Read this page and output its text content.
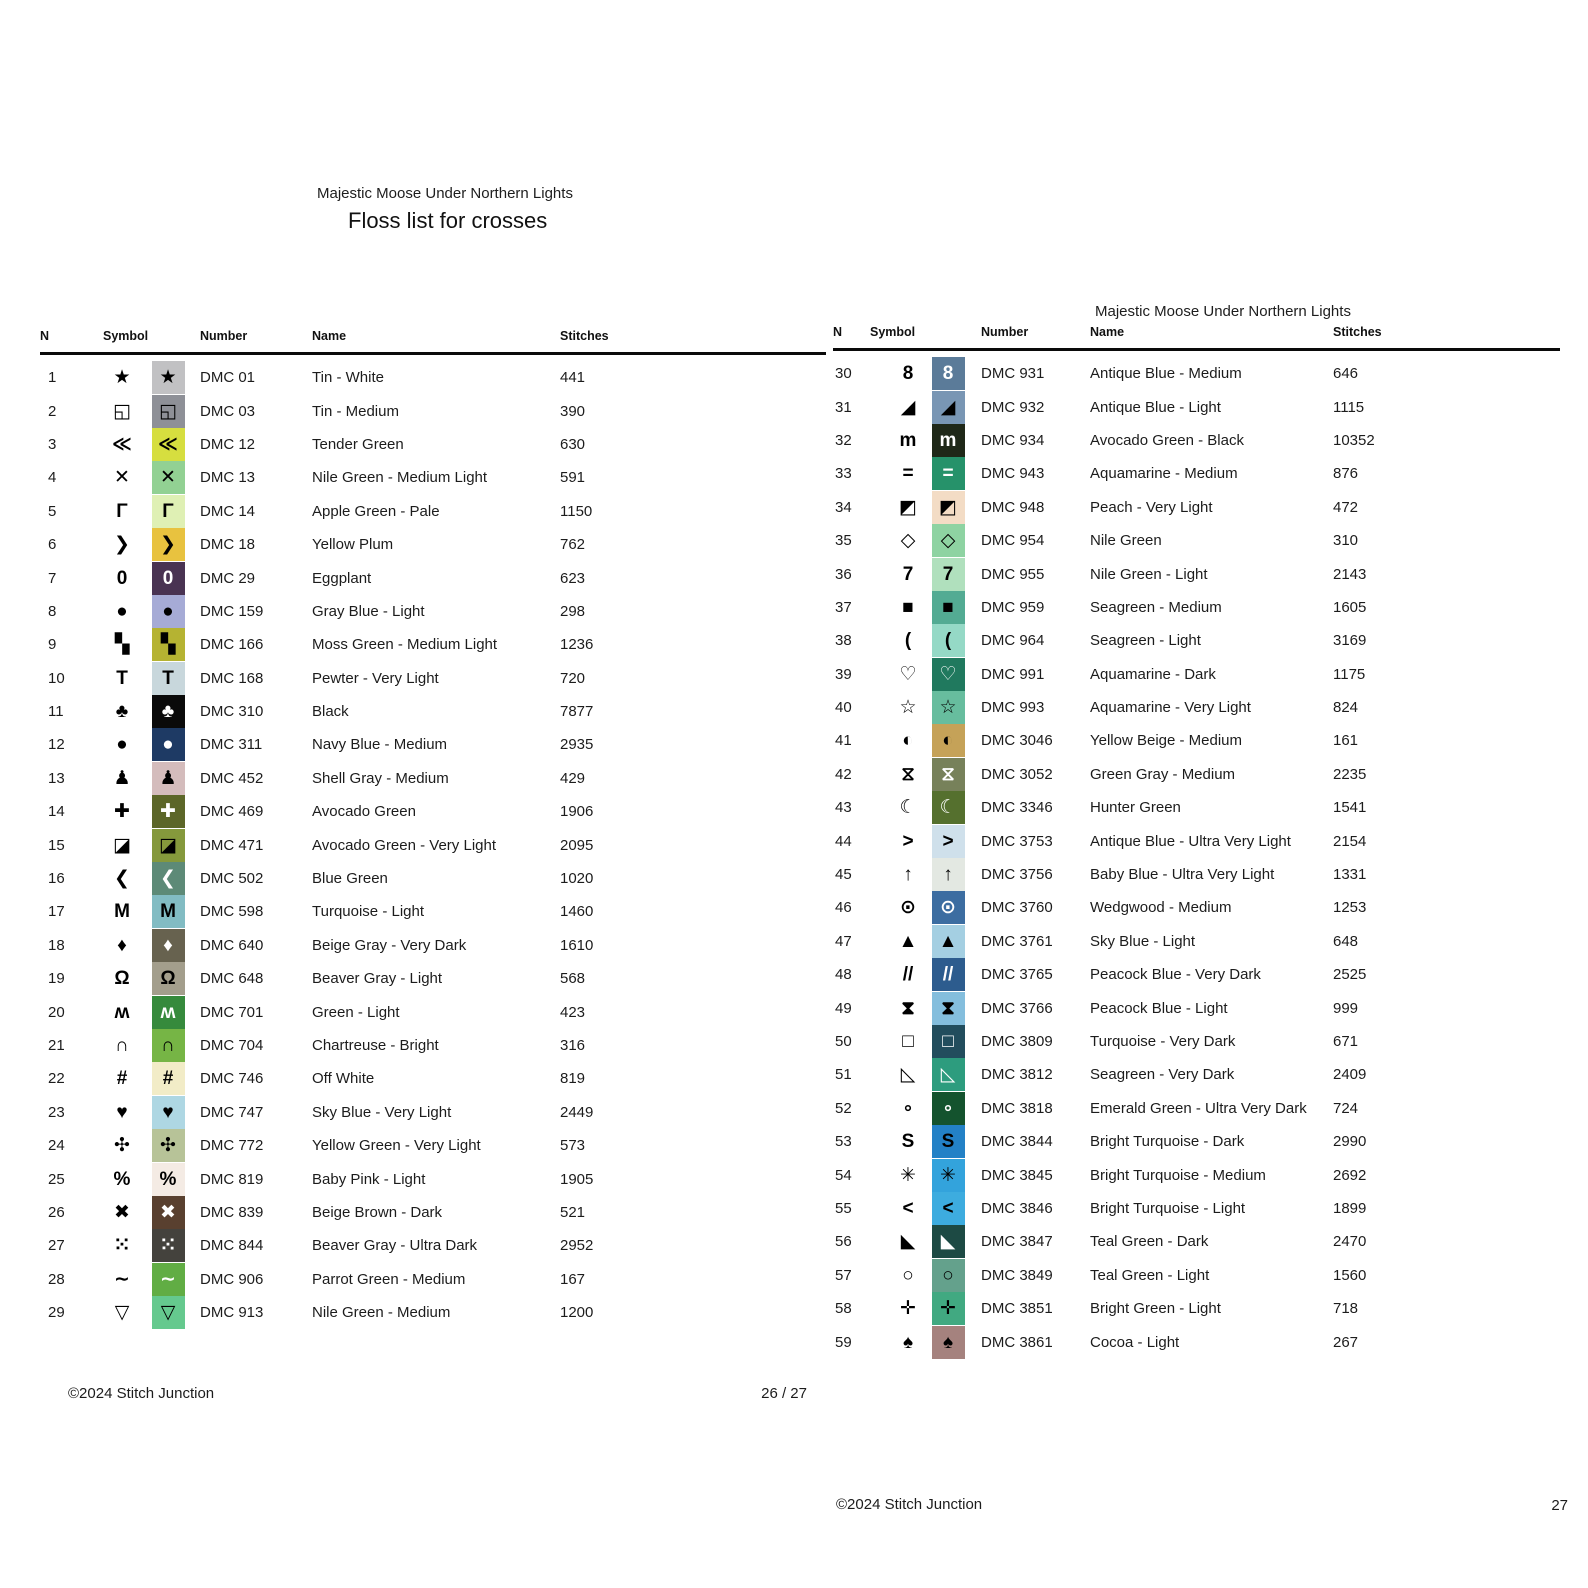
Majestic Moose Under Northern Lights
Floss list for crosses
N	Symbol	Number	Name	Stitches
1	★	★	DMC 01	Tin - White	441
2	◱	◱	DMC 03	Tin - Medium	390
3	≪	≪	DMC 12	Tender Green	630
4	✕	✕	DMC 13	Nile Green - Medium Light	591
5	Γ	Γ	DMC 14	Apple Green - Pale	1150
6	❯	❯	DMC 18	Yellow Plum	762
7	0	0	DMC 29	Eggplant	623
8	●	●	DMC 159	Gray Blue - Light	298
9	▚	▚	DMC 166	Moss Green - Medium Light	1236
10	T	T	DMC 168	Pewter - Very Light	720
11	♣	♣	DMC 310	Black	7877
12	●	●	DMC 311	Navy Blue - Medium	2935
13	♟	♟	DMC 452	Shell Gray - Medium	429
14	✚	✚	DMC 469	Avocado Green	1906
15	◪	◪	DMC 471	Avocado Green - Very Light	2095
16	❮	❮	DMC 502	Blue Green	1020
17	M	M	DMC 598	Turquoise - Light	1460
18	♦	♦	DMC 640	Beige Gray - Very Dark	1610
19	Ω	Ω	DMC 648	Beaver Gray - Light	568
20	ʍ	ʍ	DMC 701	Green - Light	423
21	∩	∩	DMC 704	Chartreuse - Bright	316
22	#	#	DMC 746	Off White	819
23	♥	♥	DMC 747	Sky Blue - Very Light	2449
24	✣	✣	DMC 772	Yellow Green - Very Light	573
25	%	%	DMC 819	Baby Pink - Light	1905
26	✖	✖	DMC 839	Beige Brown - Dark	521
27	⁙	⁙	DMC 844	Beaver Gray - Ultra Dark	2952
28	∼	∼	DMC 906	Parrot Green - Medium	167
29	▽	▽	DMC 913	Nile Green - Medium	1200
Majestic Moose Under Northern Lights
N	Symbol	Number	Name	Stitches
30	8	8	DMC 931	Antique Blue - Medium	646
31	◢	◢	DMC 932	Antique Blue - Light	1115
32	m	m	DMC 934	Avocado Green - Black	10352
33	=	=	DMC 943	Aquamarine - Medium	876
34	◩	◩	DMC 948	Peach - Very Light	472
35	◇	◇	DMC 954	Nile Green	310
36	7	7	DMC 955	Nile Green - Light	2143
37	■	■	DMC 959	Seagreen - Medium	1605
38	(	(	DMC 964	Seagreen - Light	3169
39	♡	♡	DMC 991	Aquamarine - Dark	1175
40	☆	☆	DMC 993	Aquamarine - Very Light	824
41	◐	◐	DMC 3046	Yellow Beige - Medium	161
42	⧖	⧖	DMC 3052	Green Gray - Medium	2235
43	☾	☾	DMC 3346	Hunter Green	1541
44	>	>	DMC 3753	Antique Blue - Ultra Very Light	2154
45	↑	↑	DMC 3756	Baby Blue - Ultra Very Light	1331
46	⊙	⊙	DMC 3760	Wedgwood - Medium	1253
47	▲	▲	DMC 3761	Sky Blue - Light	648
48	//	//	DMC 3765	Peacock Blue - Very Dark	2525
49	⧗	⧗	DMC 3766	Peacock Blue - Light	999
50	□	□	DMC 3809	Turquoise - Very Dark	671
51	◺	◺	DMC 3812	Seagreen - Very Dark	2409
52	∘	∘	DMC 3818	Emerald Green - Ultra Very Dark	724
53	S	S	DMC 3844	Bright Turquoise - Dark	2990
54	✳	✳	DMC 3845	Bright Turquoise - Medium	2692
55	<	<	DMC 3846	Bright Turquoise - Light	1899
56	◣	◣	DMC 3847	Teal Green - Dark	2470
57	○	○	DMC 3849	Teal Green - Light	1560
58	✛	✛	DMC 3851	Bright Green - Light	718
59	♠	♠	DMC 3861	Cocoa - Light	267
©2024 Stitch Junction	26 / 27
©2024 Stitch Junction	27
